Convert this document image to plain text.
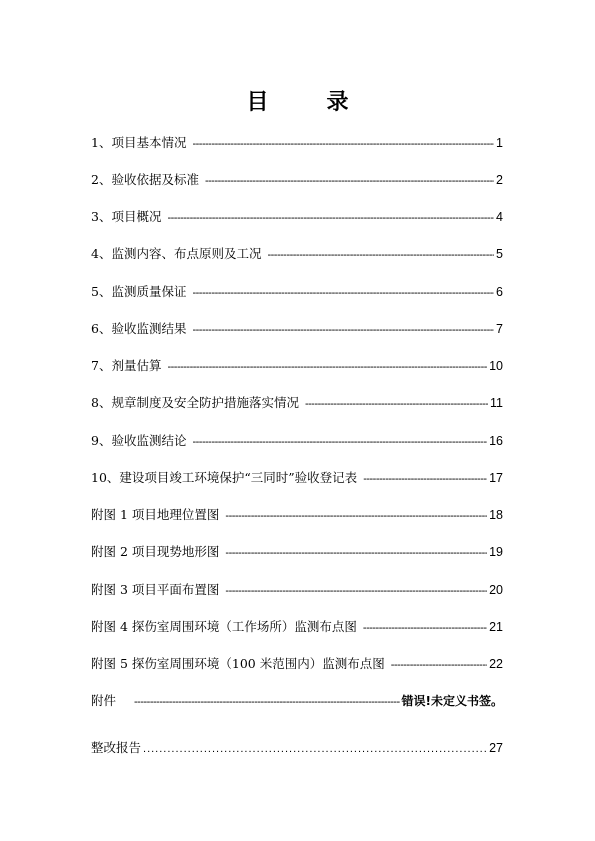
目　录
1、项目基本情况 -----	1
2、验收依据及标准 -----	2
3、项目概况 -----	4
4、监测内容、布点原则及工况 -----	5
5、监测质量保证 -----	6
6、验收监测结果 -----	7
7、剂量估算 -----	10
8、规章制度及安全防护措施落实情况 -----	11
9、验收监测结论 -----	16
10、建设项目竣工环境保护“三同时”验收登记表 -----	17
附图 1 项目地理位置图 -----	18
附图 2 项目现势地形图 -----	19
附图 3 项目平面布置图 -----	20
附图 4 探伤室周围环境（工作场所）监测布点图 -----	21
附图 5 探伤室周围环境（100 米范围内）监测布点图 -----	22
附件 -----	错误!未定义书签。
整改报告 .....	27
